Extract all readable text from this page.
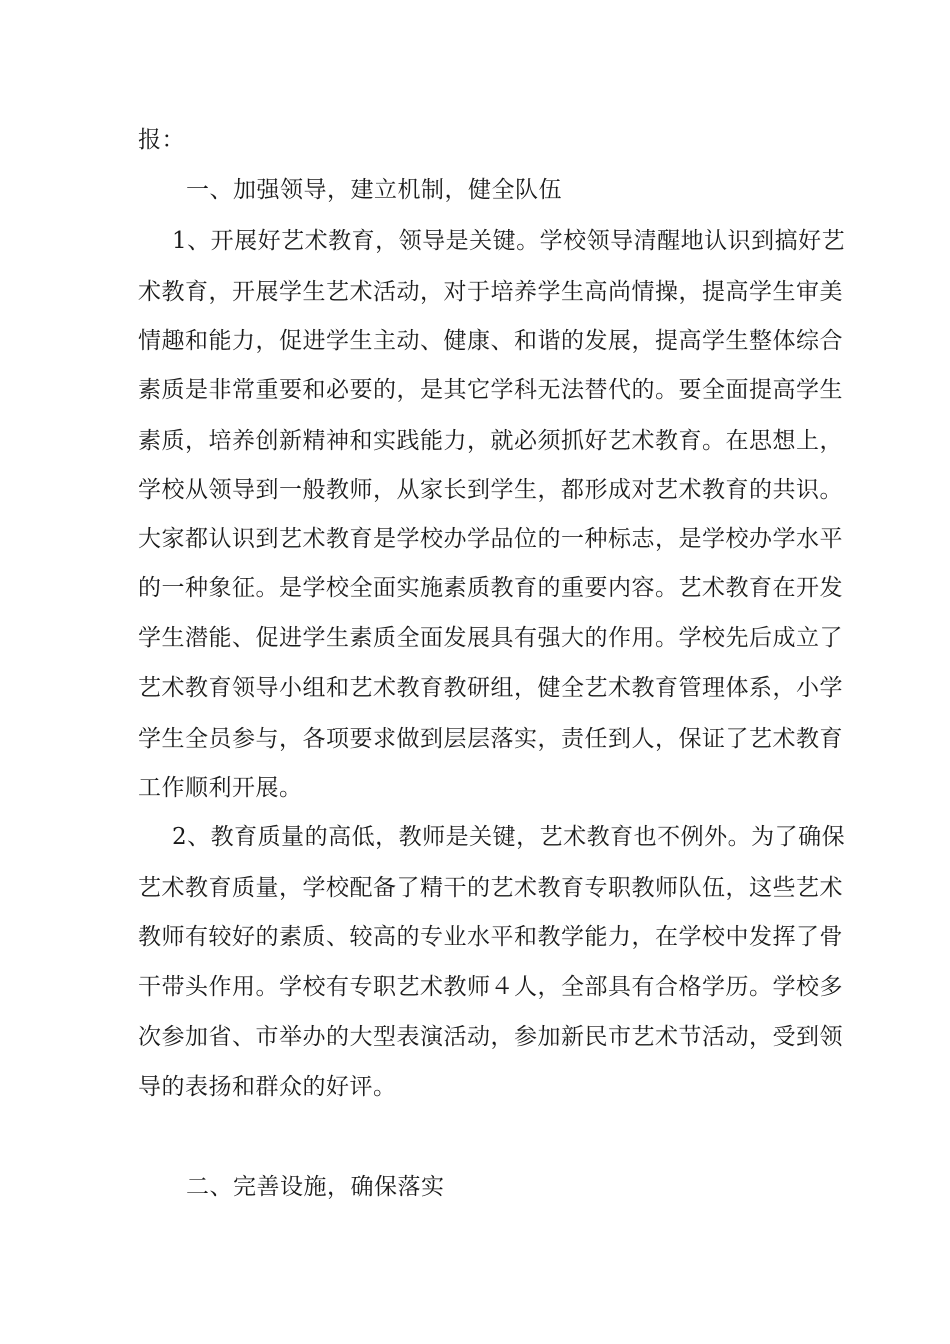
报：
一、加强领导，建立机制，健全队伍
1、开展好艺术教育，领导是关键。学校领导清醒地认识到搞好艺
术教育，开展学生艺术活动，对于培养学生高尚情操，提高学生审美
情趣和能力，促进学生主动、健康、和谐的发展，提高学生整体综合
素质是非常重要和必要的，是其它学科无法替代的。要全面提高学生
素质，培养创新精神和实践能力，就必须抓好艺术教育。在思想上，
学校从领导到一般教师，从家长到学生，都形成对艺术教育的共识。
大家都认识到艺术教育是学校办学品位的一种标志，是学校办学水平
的一种象征。是学校全面实施素质教育的重要内容。艺术教育在开发
学生潜能、促进学生素质全面发展具有强大的作用。学校先后成立了
艺术教育领导小组和艺术教育教研组，健全艺术教育管理体系，小学
学生全员参与，各项要求做到层层落实，责任到人，保证了艺术教育
工作顺利开展。
2、教育质量的高低，教师是关键，艺术教育也不例外。为了确保
艺术教育质量，学校配备了精干的艺术教育专职教师队伍，这些艺术
教师有较好的素质、较高的专业水平和教学能力，在学校中发挥了骨
干带头作用。学校有专职艺术教师４人，全部具有合格学历。学校多
次参加省、市举办的大型表演活动，参加新民市艺术节活动，受到领
导的表扬和群众的好评。
二、完善设施，确保落实
